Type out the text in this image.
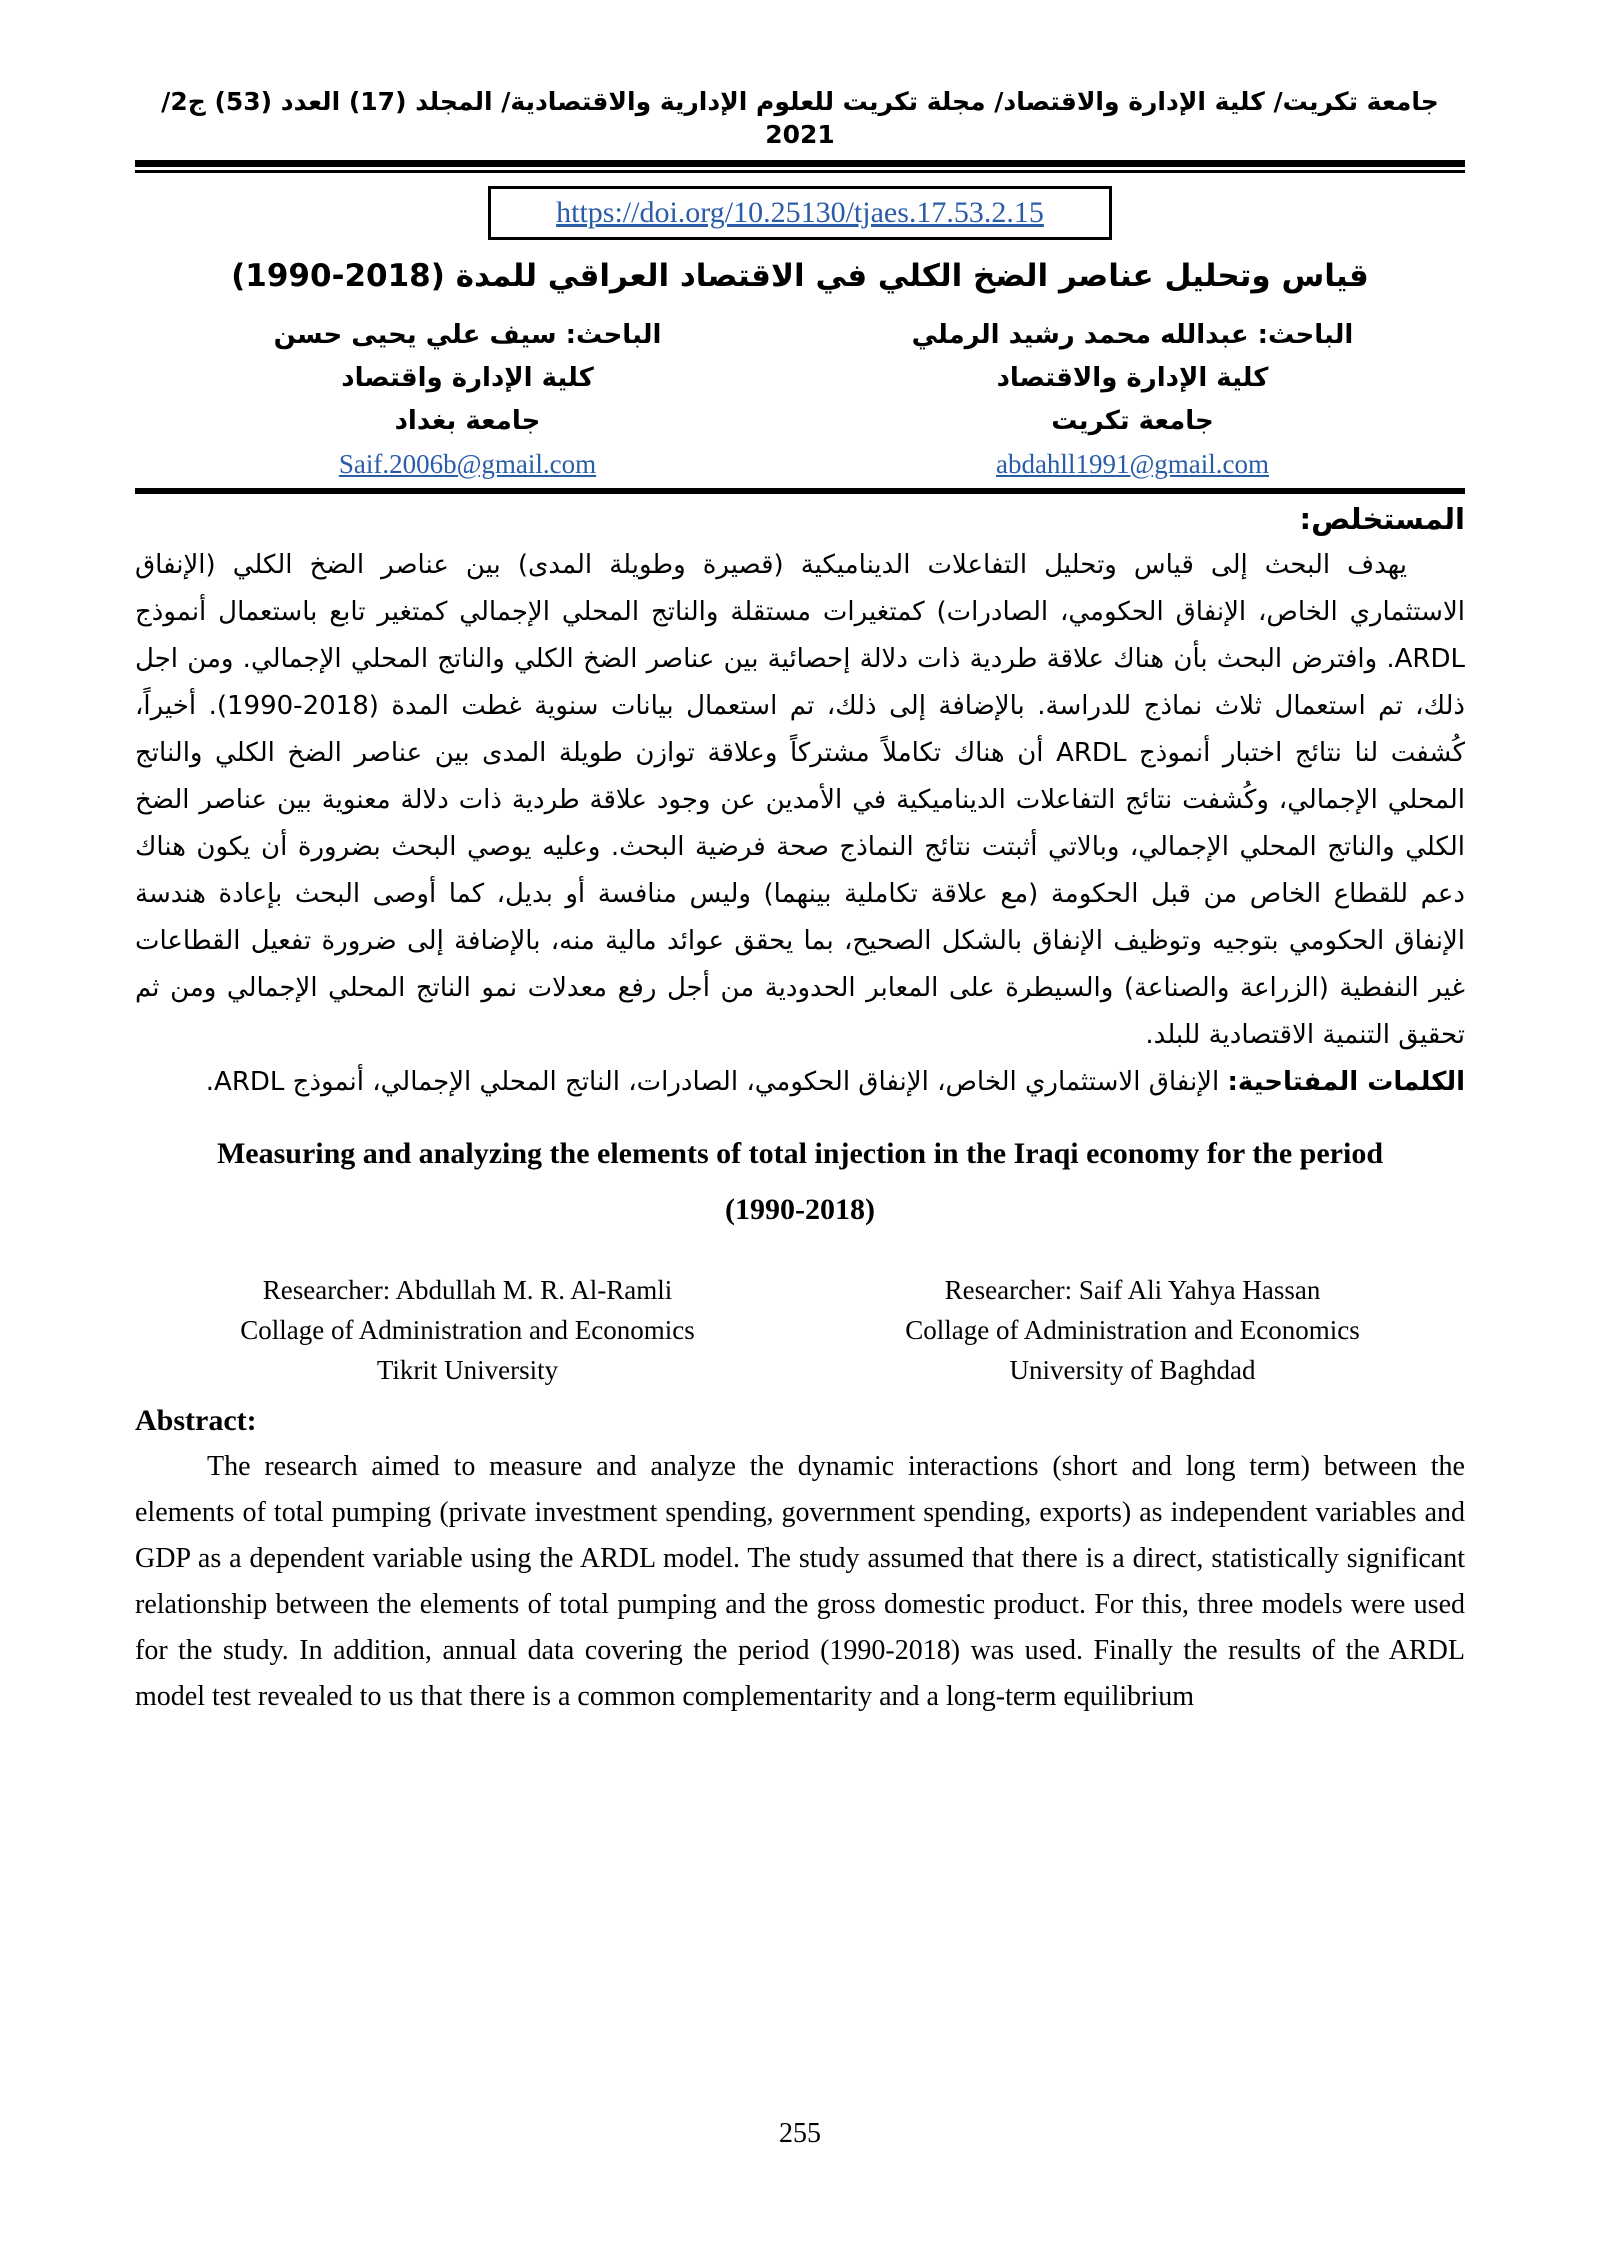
جامعة تكريت/ كلية الإدارة والاقتصاد/ مجلة تكريت للعلوم الإدارية والاقتصادية/ المجلد (17) العدد (53) ج2/ 2021
https://doi.org/10.25130/tjaes.17.53.2.15
قياس وتحليل عناصر الضخ الكلي في الاقتصاد العراقي للمدة (2018-1990)
الباحث: عبدالله محمد رشيد الرملي
كلية الإدارة والاقتصاد
جامعة تكريت
abdahll1991@gmail.com
الباحث: سيف علي يحيى حسن
كلية الإدارة واقتصاد
جامعة بغداد
Saif.2006b@gmail.com
المستخلص:
يهدف البحث إلى قياس وتحليل التفاعلات الديناميكية (قصيرة وطويلة المدى) بين عناصر الضخ الكلي (الإنفاق الاستثماري الخاص، الإنفاق الحكومي، الصادرات) كمتغيرات مستقلة والناتج المحلي الإجمالي كمتغير تابع باستعمال أنموذج ARDL. وافترض البحث بأن هناك علاقة طردية ذات دلالة إحصائية بين عناصر الضخ الكلي والناتج المحلي الإجمالي. ومن اجل ذلك، تم استعمال ثلاث نماذج للدراسة. بالإضافة إلى ذلك، تم استعمال بيانات سنوية غطت المدة (2018-1990). أخيراً، كُشفت لنا نتائج اختبار أنموذج ARDL أن هناك تكاملاً مشتركاً وعلاقة توازن طويلة المدى بين عناصر الضخ الكلي والناتج المحلي الإجمالي، وكُشفت نتائج التفاعلات الديناميكية في الأمدين عن وجود علاقة طردية ذات دلالة معنوية بين عناصر الضخ الكلي والناتج المحلي الإجمالي، وبالاتي أثبتت نتائج النماذج صحة فرضية البحث. وعليه يوصي البحث بضرورة أن يكون هناك دعم للقطاع الخاص من قبل الحكومة (مع علاقة تكاملية بينهما) وليس منافسة أو بديل، كما أوصى البحث بإعادة هندسة الإنفاق الحكومي بتوجيه وتوظيف الإنفاق بالشكل الصحيح، بما يحقق عوائد مالية منه، بالإضافة إلى ضرورة تفعيل القطاعات غير النفطية (الزراعة والصناعة) والسيطرة على المعابر الحدودية من أجل رفع معدلات نمو الناتج المحلي الإجمالي ومن ثم تحقيق التنمية الاقتصادية للبلد.
الكلمات المفتاحية: الإنفاق الاستثماري الخاص، الإنفاق الحكومي، الصادرات، الناتج المحلي الإجمالي، أنموذج ARDL.
Measuring and analyzing the elements of total injection in the Iraqi economy for the period (1990-2018)
Researcher: Abdullah M. R. Al-Ramli
Collage of Administration and Economics
Tikrit University
Researcher: Saif Ali Yahya Hassan
Collage of Administration and Economics
University of Baghdad
Abstract:
The research aimed to measure and analyze the dynamic interactions (short and long term) between the elements of total pumping (private investment spending, government spending, exports) as independent variables and GDP as a dependent variable using the ARDL model. The study assumed that there is a direct, statistically significant relationship between the elements of total pumping and the gross domestic product. For this, three models were used for the study. In addition, annual data covering the period (1990-2018) was used. Finally the results of the ARDL model test revealed to us that there is a common complementarity and a long-term equilibrium
255
